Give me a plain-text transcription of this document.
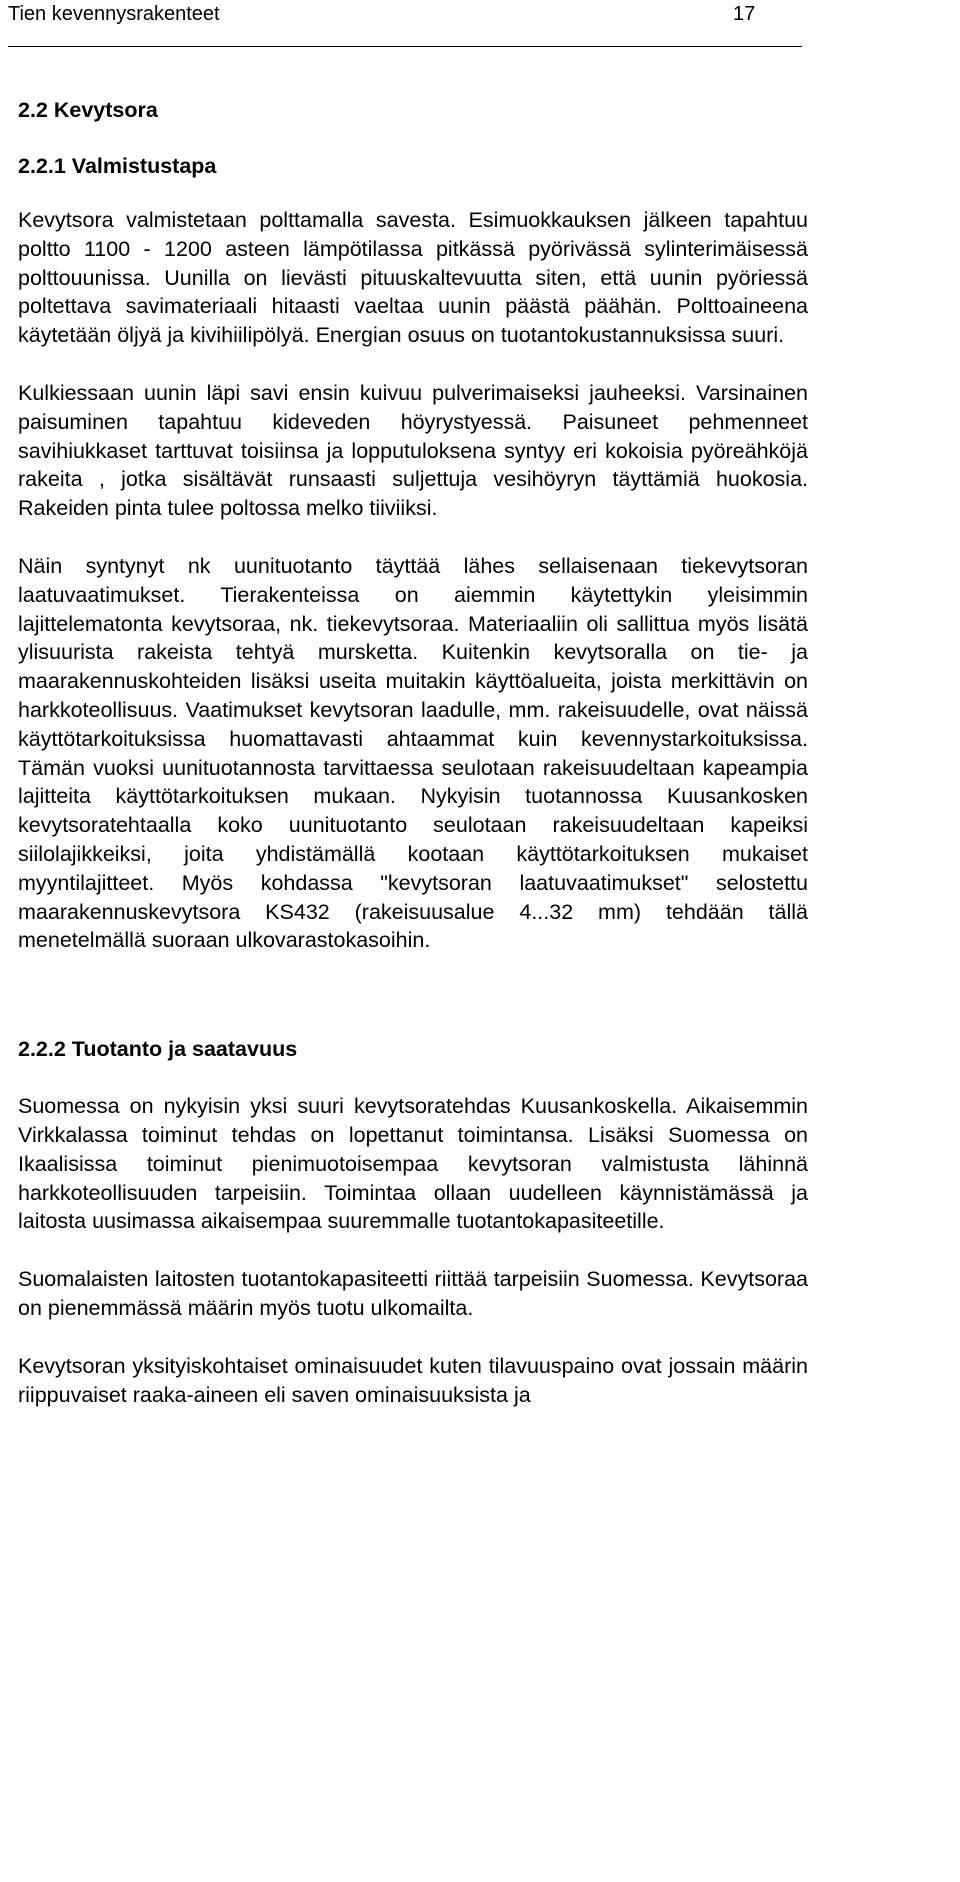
Tien kevennysrakenteet	17
2.2 Kevytsora
2.2.1 Valmistustapa

Kevytsora valmistetaan polttamalla savesta. Esimuokkauksen jälkeen tapahtuu poltto 1100 - 1200 asteen lämpötilassa pitkässä pyörivässä sylinterimäisessä polttouunissa. Uunilla on lievästi pituuskaltevuutta siten, että uunin pyöriessä poltettava savimateriaali hitaasti vaeltaa uunin päästä päähän. Polttoaineena käytetään öljyä ja kivihiilipölyä. Energian osuus on tuotantokustannuksissa suuri.

Kulkiessaan uunin läpi savi ensin kuivuu pulverimaiseksi jauheeksi. Varsinainen paisuminen tapahtuu kideveden höyrystyessä. Paisuneet pehmenneet savihiukkaset tarttuvat toisiinsa ja lopputuloksena syntyy eri kokoisia pyöreähköjä rakeita , jotka sisältävät runsaasti suljettuja vesihöyryn täyttämiä huokosia. Rakeiden pinta tulee poltossa melko tiiviiksi.

Näin syntynyt nk uunituotanto täyttää lähes sellaisenaan tiekevytsoran laatuvaatimukset. Tierakenteissa on aiemmin käytettykin yleisimmin lajittelematonta kevytsoraa, nk. tiekevytsoraa. Materiaaliin oli sallittua myös lisätä ylisuurista rakeista tehtyä mursketta. Kuitenkin kevytsoralla on tie- ja maarakennuskohteiden lisäksi useita muitakin käyttöalueita, joista merkittävin on harkkoteollisuus. Vaatimukset kevytsoran laadulle, mm. rakeisuudelle, ovat näissä käyttötarkoituksissa huomattavasti ahtaammat kuin kevennystarkoituksissa. Tämän vuoksi uunituotannosta tarvittaessa seulotaan rakeisuudeltaan kapeampia lajitteita käyttötarkoituksen mukaan. Nykyisin tuotannossa Kuusankosken kevytsoratehtaalla koko uunituotanto seulotaan rakeisuudeltaan kapeiksi siilolajikkeiksi, joita yhdistämällä kootaan käyttötarkoituksen mukaiset myyntilajitteet. Myös kohdassa "kevytsoran laatuvaatimukset" selostettu maarakennuskevytsora KS432 (rakeisuusalue 4...32 mm) tehdään tällä menetelmällä suoraan ulkovarastokasoihin.

2.2.2 Tuotanto ja saatavuus

Suomessa on nykyisin yksi suuri kevytsoratehdas Kuusankoskella. Aikaisemmin Virkkalassa toiminut tehdas on lopettanut toimintansa. Lisäksi Suomessa on Ikaalisissa toiminut pienimuotoisempaa kevytsoran valmistusta lähinnä harkkoteollisuuden tarpeisiin. Toimintaa ollaan uudelleen käynnistämässä ja laitosta uusimassa aikaisempaa suuremmalle tuotantokapasiteetille.

Suomalaisten laitosten tuotantokapasiteetti riittää tarpeisiin Suomessa. Kevytsoraa on pienemmässä määrin myös tuotu ulkomailta.

Kevytsoran yksityiskohtaiset ominaisuudet kuten tilavuuspaino ovat jossain määrin riippuvaiset raaka-aineen eli saven ominaisuuksista ja
